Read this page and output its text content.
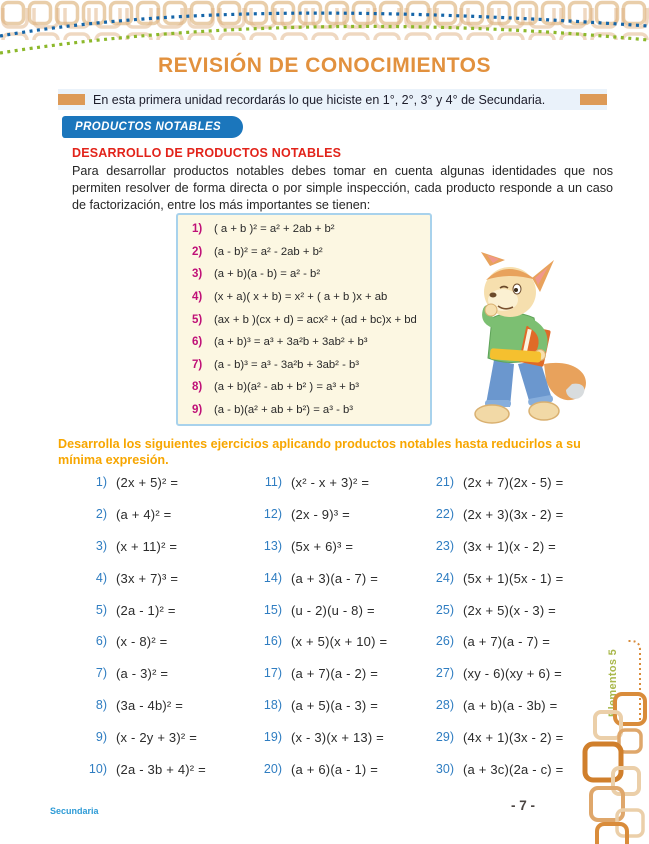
REVISIÓN DE CONOCIMIENTOS
En esta primera unidad recordarás lo que hiciste en 1°, 2°, 3° y 4° de Secundaria.
PRODUCTOS NOTABLES
DESARROLLO DE PRODUCTOS NOTABLES

Para desarrollar productos notables debes tomar en cuenta algunas identidades que nos permiten resolver de forma directa o por simple inspección, cada producto responde a un caso de factorización, entre los más importantes se tienen:

1)	( a + b )² = a² + 2ab + b²
2)	(a - b)² = a² - 2ab + b²
3)	(a + b)(a - b) = a² - b²
4)	(x + a)( x + b) = x² + ( a + b )x + ab
5)	(ax + b )(cx + d) = acx² + (ad + bc)x + bd
6)	(a + b)³ = a³ + 3a²b + 3ab² + b³
7)	(a - b)³ = a³ - 3a²b + 3ab² - b³
8)	(a + b)(a² - ab + b² ) = a³ + b³
9)	(a - b)(a² + ab + b²) = a³ - b³

Desarrolla los siguientes ejercicios aplicando productos notables hasta reducirlos a su mínima expresión.

1) (2x + 5)² =
2) (a + 4)² =
3) (x + 11)² =
4) (3x + 7)³ =
5) (2a - 1)² =
6) (x - 8)² =
7) (a - 3)² =
8) (3a - 4b)² =
9) (x - 2y + 3)² =
10) (2a - 3b + 4)² =
11) (x² - x + 3)² =
12) (2x - 9)³ =
13) (5x + 6)³ =
14) (a + 3)(a - 7) =
15) (u - 2)(u - 8) =
16) (x + 5)(x + 10) =
17) (a + 7)(a - 2) =
18) (a + 5)(a - 3) =
19) (x - 3)(x + 13) =
20) (a + 6)(a - 1) =
21) (2x + 7)(2x - 5) =
22) (2x + 3)(3x - 2) =
23) (3x + 1)(x - 2) =
24) (5x + 1)(5x - 1) =
25) (2x + 5)(x - 3) =
26) (a + 7)(a - 7) =
27) (xy - 6)(xy + 6) =
28) (a + b)(a - 3b) =
29) (4x + 1)(3x - 2) =
30) (a + 3c)(2a - c) =
Elementos 5
Secundaria	- 7 -
